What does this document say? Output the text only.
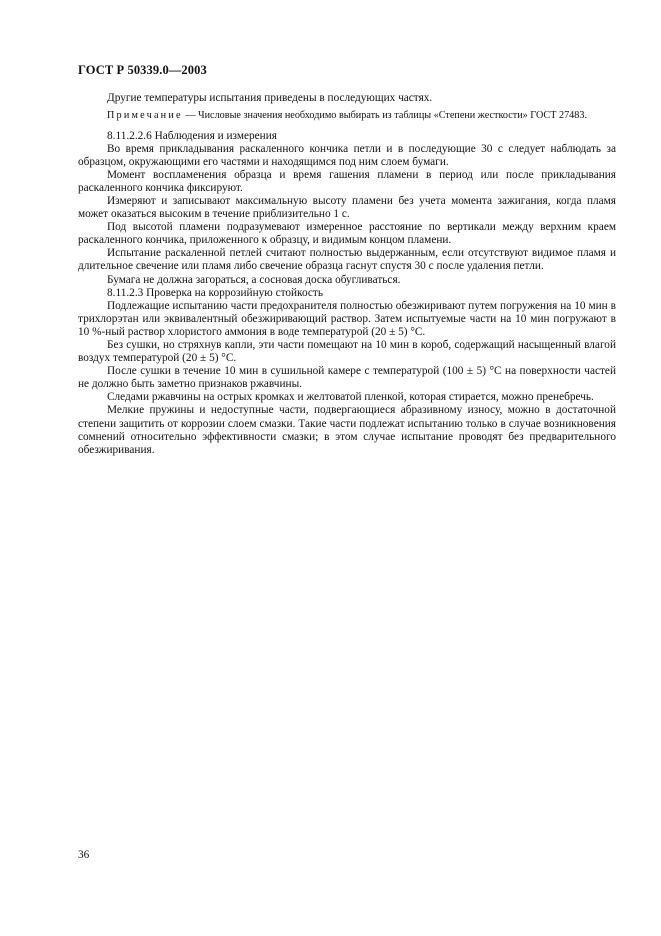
ГОСТ Р 50339.0—2003

Другие температуры испытания приведены в последующих частях.

Примечание — Числовые значения необходимо выбирать из таблицы «Степени жесткости» ГОСТ 27483.

8.11.2.2.6 Наблюдения и измерения

Во время прикладывания раскаленного кончика петли и в последующие 30 с следует наблюдать за образцом, окружающими его частями и находящимся под ним слоем бумаги.

Момент воспламенения образца и время гашения пламени в период или после прикладывания раскаленного кончика фиксируют.

Измеряют и записывают максимальную высоту пламени без учета момента зажигания, когда пламя может оказаться высоким в течение приблизительно 1 с.

Под высотой пламени подразумевают измеренное расстояние по вертикали между верхним краем раскаленного кончика, приложенного к образцу, и видимым концом пламени.

Испытание раскаленной петлей считают полностью выдержанным, если отсутствуют видимое пламя и длительное свечение или пламя либо свечение образца гаснут спустя 30 с после удаления петли.

Бумага не должна загораться, а сосновая доска обугливаться.

8.11.2.3 Проверка на коррозийную стойкость

Подлежащие испытанию части предохранителя полностью обезжиривают путем погружения на 10 мин в трихлорэтан или эквивалентный обезжиривающий раствор. Затем испытуемые части на 10 мин погружают в 10 %-ный раствор хлористого аммония в воде температурой (20 ± 5) °С.

Без сушки, но стряхнув капли, эти части помещают на 10 мин в короб, содержащий насыщенный влагой воздух температурой (20 ± 5) °С.

После сушки в течение 10 мин в сушильной камере с температурой (100 ± 5) °С на поверхности частей не должно быть заметно признаков ржавчины.

Следами ржавчины на острых кромках и желтоватой пленкой, которая стирается, можно пренебречь.

Мелкие пружины и недоступные части, подвергающиеся абразивному износу, можно в достаточной степени защитить от коррозии слоем смазки. Такие части подлежат испытанию только в случае возникновения сомнений относительно эффективности смазки; в этом случае испытание проводят без предварительного обезжиривания.

36
